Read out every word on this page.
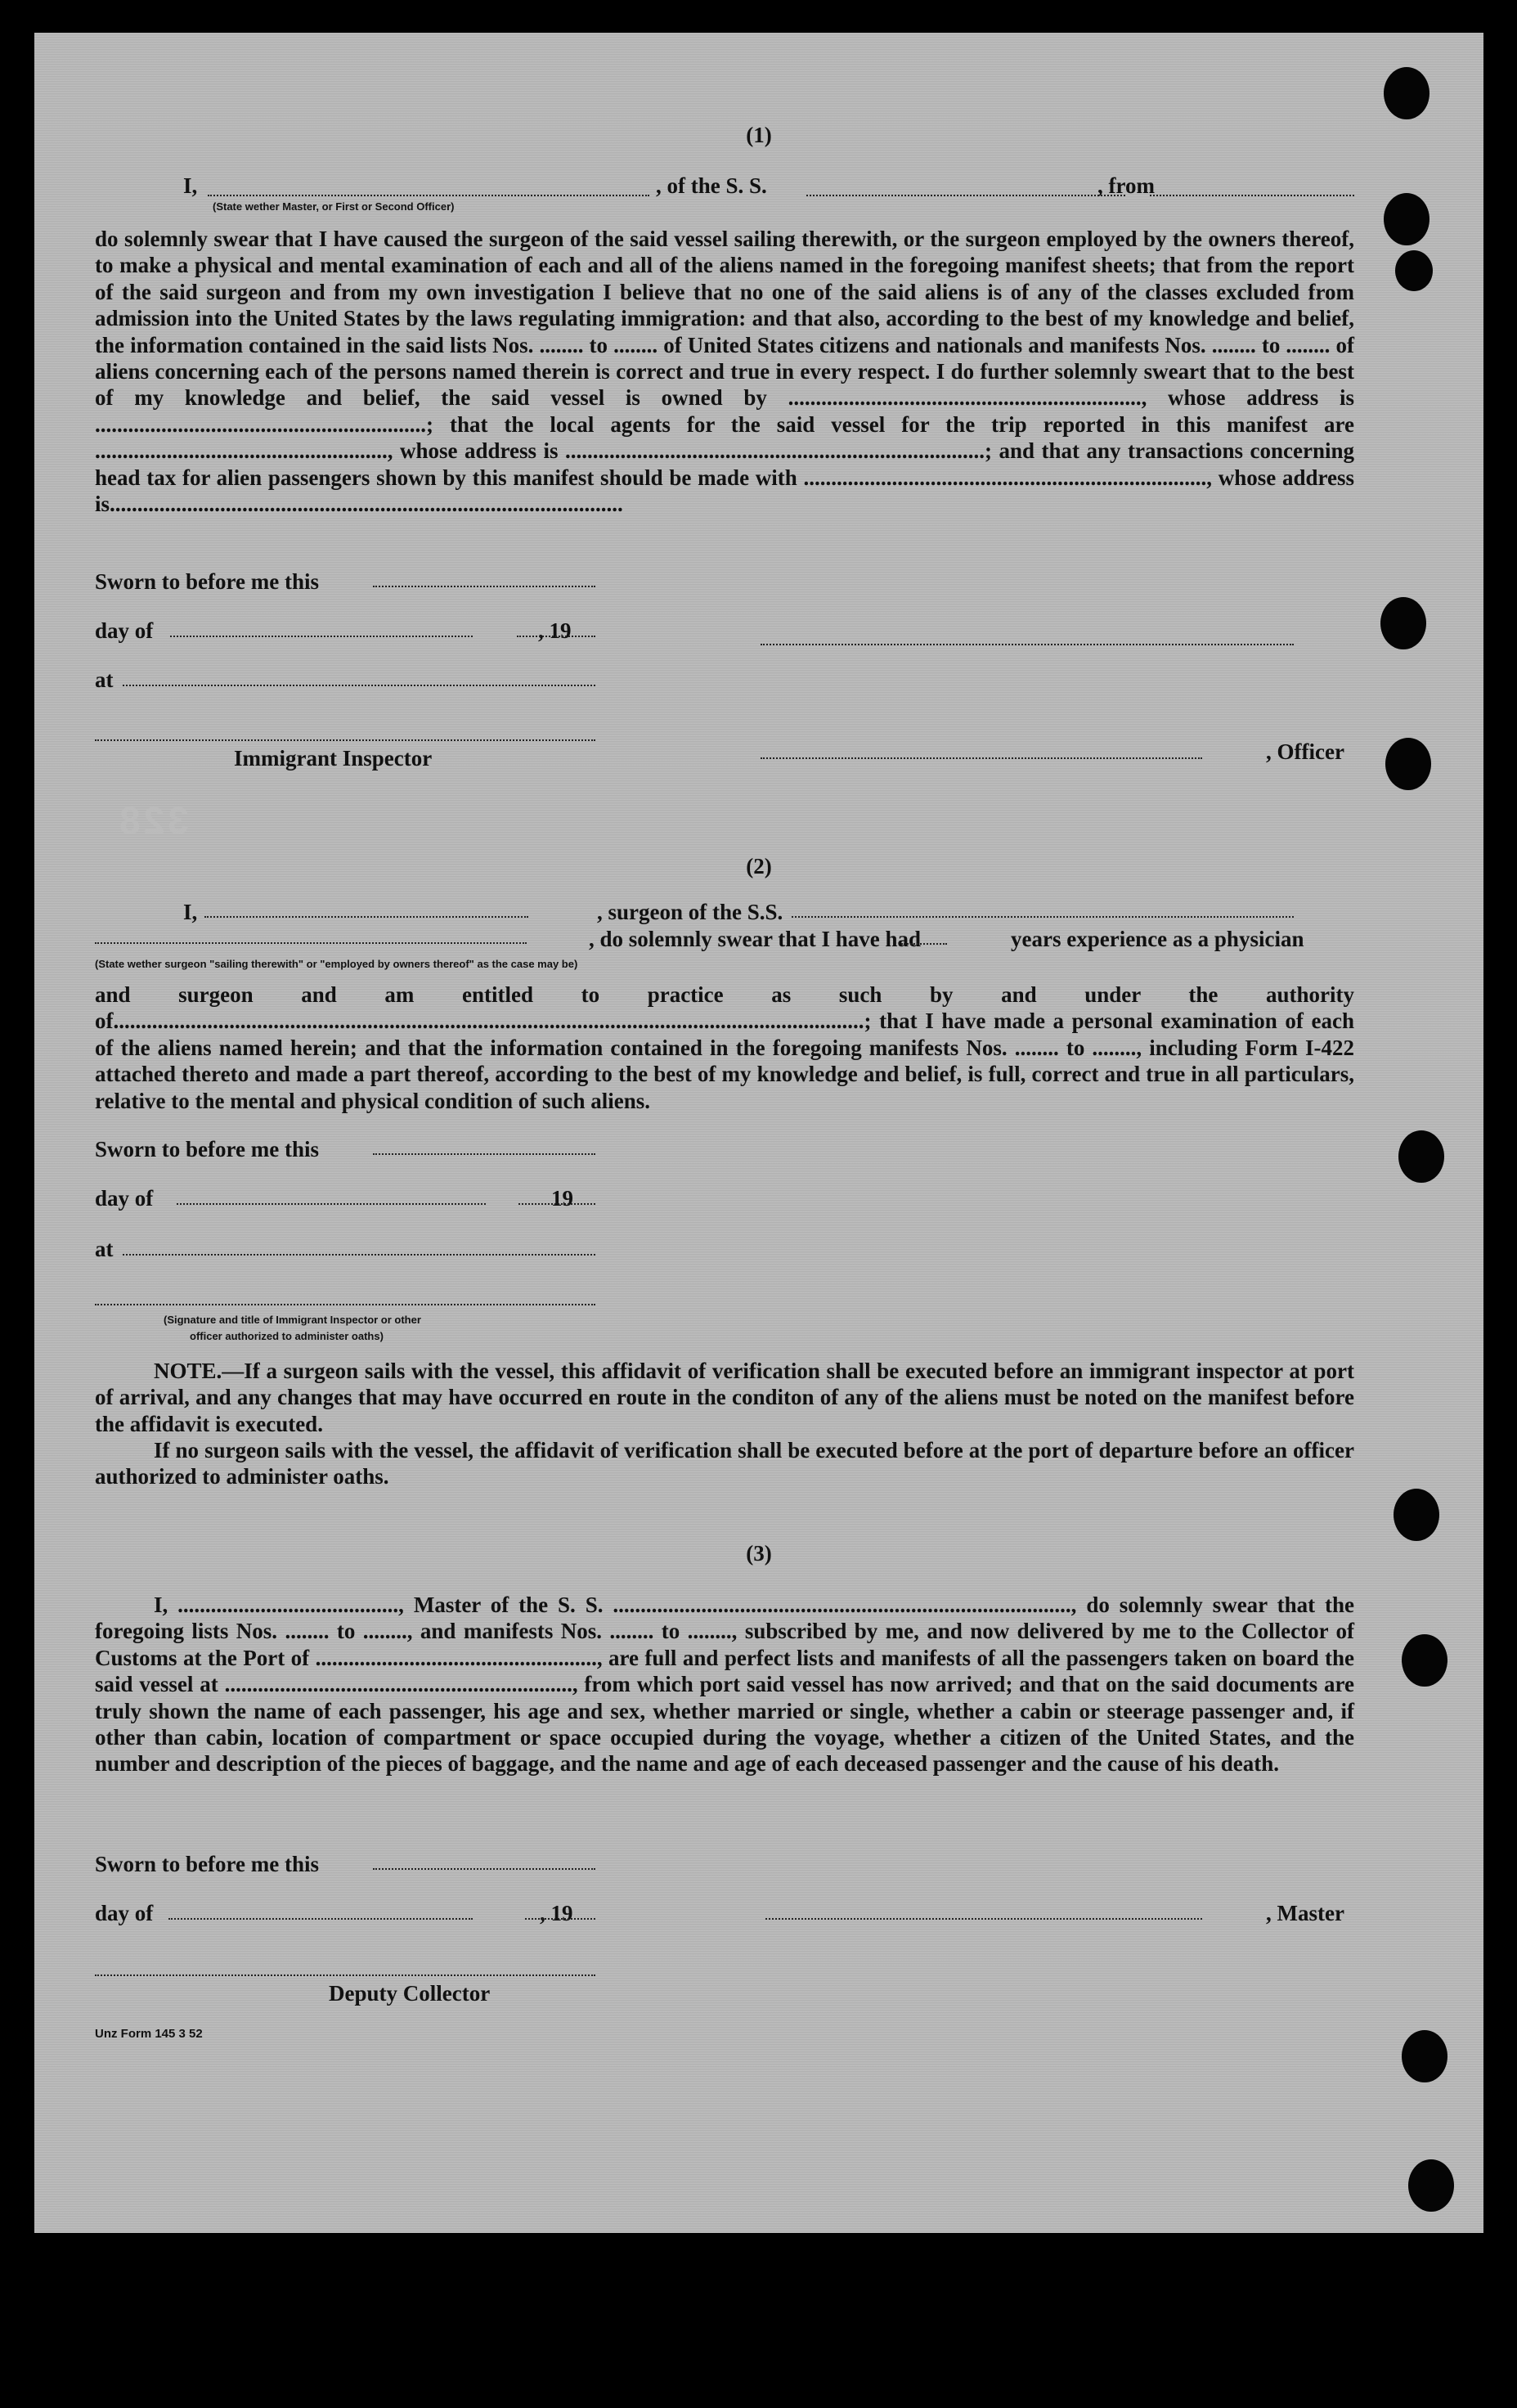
328
(1)
I,	, of the S. S.	, from
(State wether Master, or First or Second Officer)
do solemnly swear that I have caused the surgeon of the said vessel sailing therewith, or the surgeon employed by the owners thereof, to make a physical and mental examination of each and all of the aliens named in the foregoing manifest sheets; that from the report of the said surgeon and from my own investigation I believe that no one of the said aliens is of any of the classes excluded from admission into the United States by the laws regulating immigration: and that also, according to the best of my knowledge and belief, the information contained in the said lists Nos. ........ to ........ of United States citizens and nationals and manifests Nos. ........ to ........ of aliens concerning each of the persons named therein is correct and true in every respect. I do further solemnly sweart that to the best of my knowledge and belief, the said vessel is owned by ................................................................, whose address is ............................................................; that the local agents for the said vessel for the trip reported in this manifest are ....................................................., whose address is ............................................................................; and that any transactions concerning head tax for alien passengers shown by this manifest should be made with ........................................................................., whose address is.............................................................................................
Sworn to before me this
day of	, 19
at
Immigrant Inspector	, Officer
(2)
I,	, surgeon of the S.S.
, do solemnly swear that I have had	years experience as a physician
(State wether surgeon "sailing therewith" or "employed by owners thereof" as the case may be)
and surgeon and am entitled to practice as such by and under the authority of........................................................................................................................................; that I have made a personal examination of each of the aliens named herein; and that the information contained in the foregoing manifests Nos. ........ to ........, including Form I-422 attached thereto and made a part thereof, according to the best of my knowledge and belief, is full, correct and true in all particulars, relative to the mental and physical condition of such aliens.
Sworn to before me this
day of	19
at
(Signature and title of Immigrant Inspector or other
officer authorized to administer oaths)
NOTE.—If a surgeon sails with the vessel, this affidavit of verification shall be executed before an immigrant inspector at port of arrival, and any changes that may have occurred en route in the conditon of any of the aliens must be noted on the manifest before the affidavit is executed.
If no surgeon sails with the vessel, the affidavit of verification shall be executed before at the port of departure before an officer authorized to administer oaths.
(3)
I, ........................................, Master of the S. S. ..................................................................................., do solemnly swear that the foregoing lists Nos. ........ to ........, and manifests Nos. ........ to ........, subscribed by me, and now delivered by me to the Collector of Customs at the Port of ..................................................., are full and perfect lists and manifests of all the passengers taken on board the said vessel at ..............................................................., from which port said vessel has now arrived; and that on the said documents are truly shown the name of each passenger, his age and sex, whether married or single, whether a cabin or steerage passenger and, if other than cabin, location of compartment or space occupied during the voyage, whether a citizen of the United States, and the number and description of the pieces of baggage, and the name and age of each deceased passenger and the cause of his death.
Sworn to before me this
day of	, 19	, Master
Deputy Collector
Unz Form 145 3 52
